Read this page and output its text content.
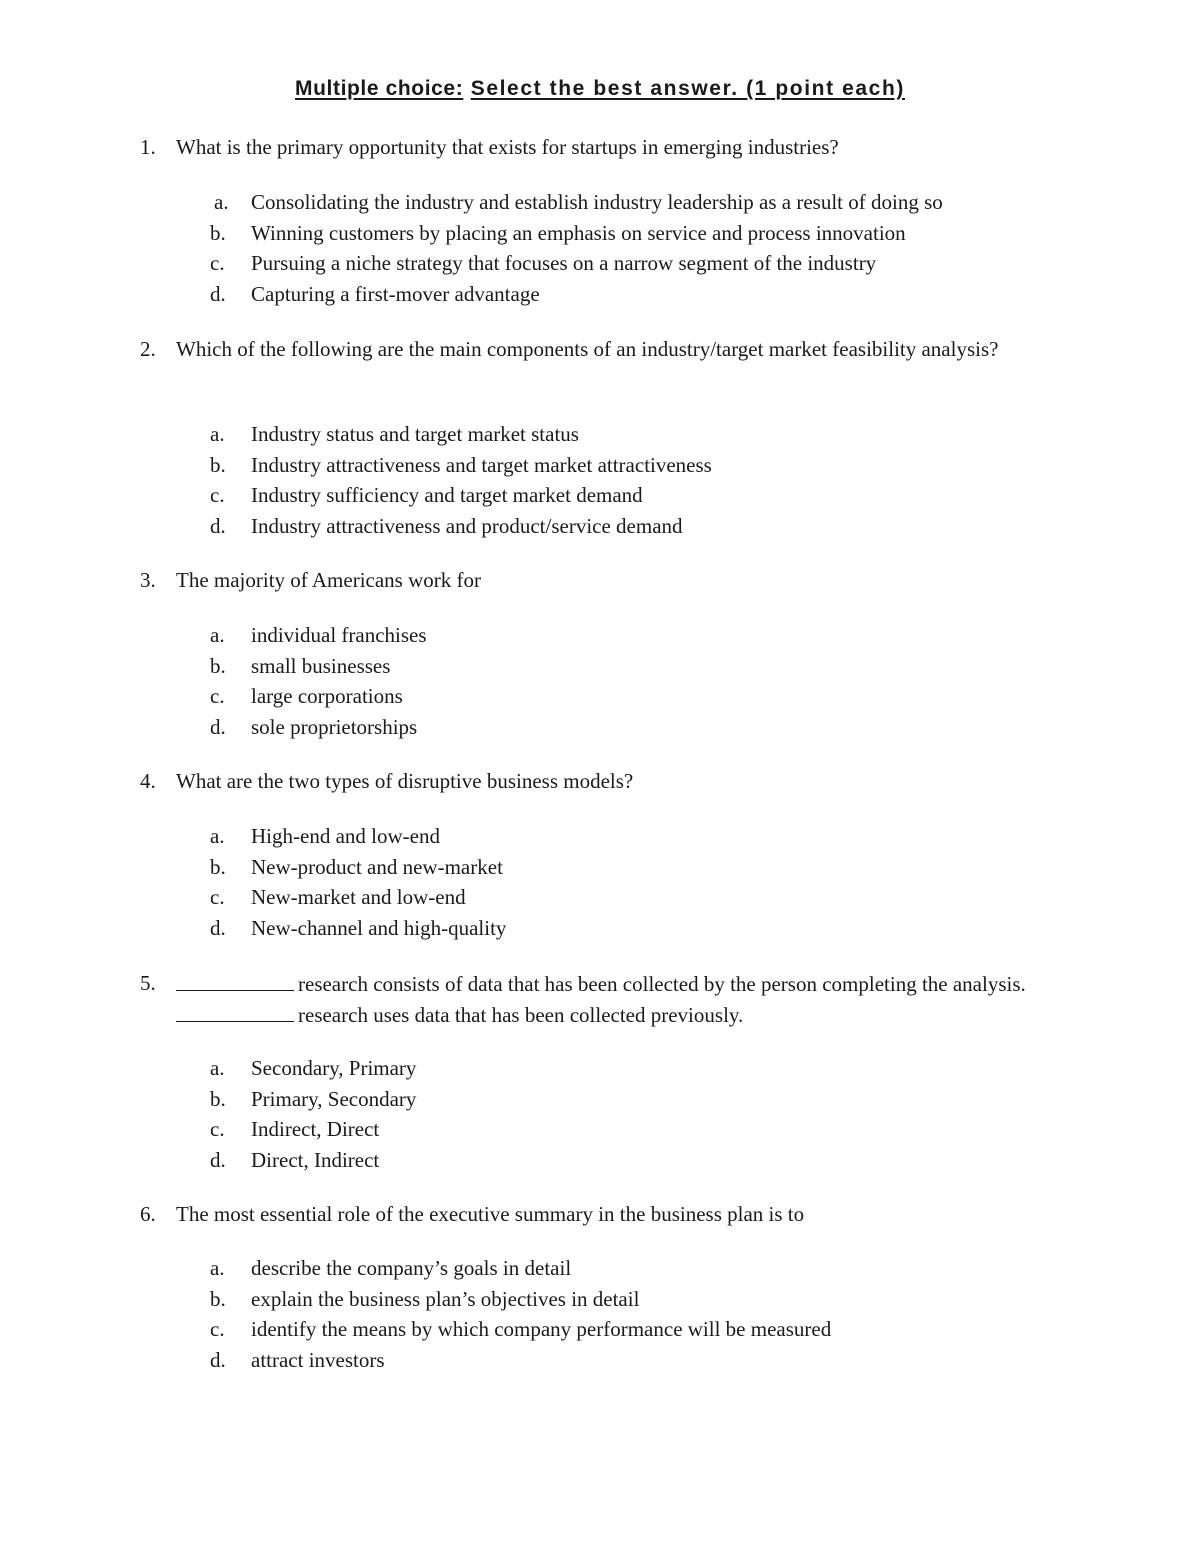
Multiple choice: Select the best answer. (1 point each)
1. What is the primary opportunity that exists for startups in emerging industries?
a. Consolidating the industry and establish industry leadership as a result of doing so
b. Winning customers by placing an emphasis on service and process innovation
c. Pursuing a niche strategy that focuses on a narrow segment of the industry
d. Capturing a first-mover advantage
2. Which of the following are the main components of an industry/target market feasibility analysis?
a. Industry status and target market status
b. Industry attractiveness and target market attractiveness
c. Industry sufficiency and target market demand
d. Industry attractiveness and product/service demand
3. The majority of Americans work for
a. individual franchises
b. small businesses
c. large corporations
d. sole proprietorships
4. What are the two types of disruptive business models?
a. High-end and low-end
b. New-product and new-market
c. New-market and low-end
d. New-channel and high-quality
5.	research consists of data that has been collected by the person completing the analysis. research uses data that has been collected previously.
a. Secondary, Primary
b. Primary, Secondary
c. Indirect, Direct
d. Direct, Indirect
6. The most essential role of the executive summary in the business plan is to
a. describe the company’s goals in detail
b. explain the business plan’s objectives in detail
c. identify the means by which company performance will be measured
d. attract investors
